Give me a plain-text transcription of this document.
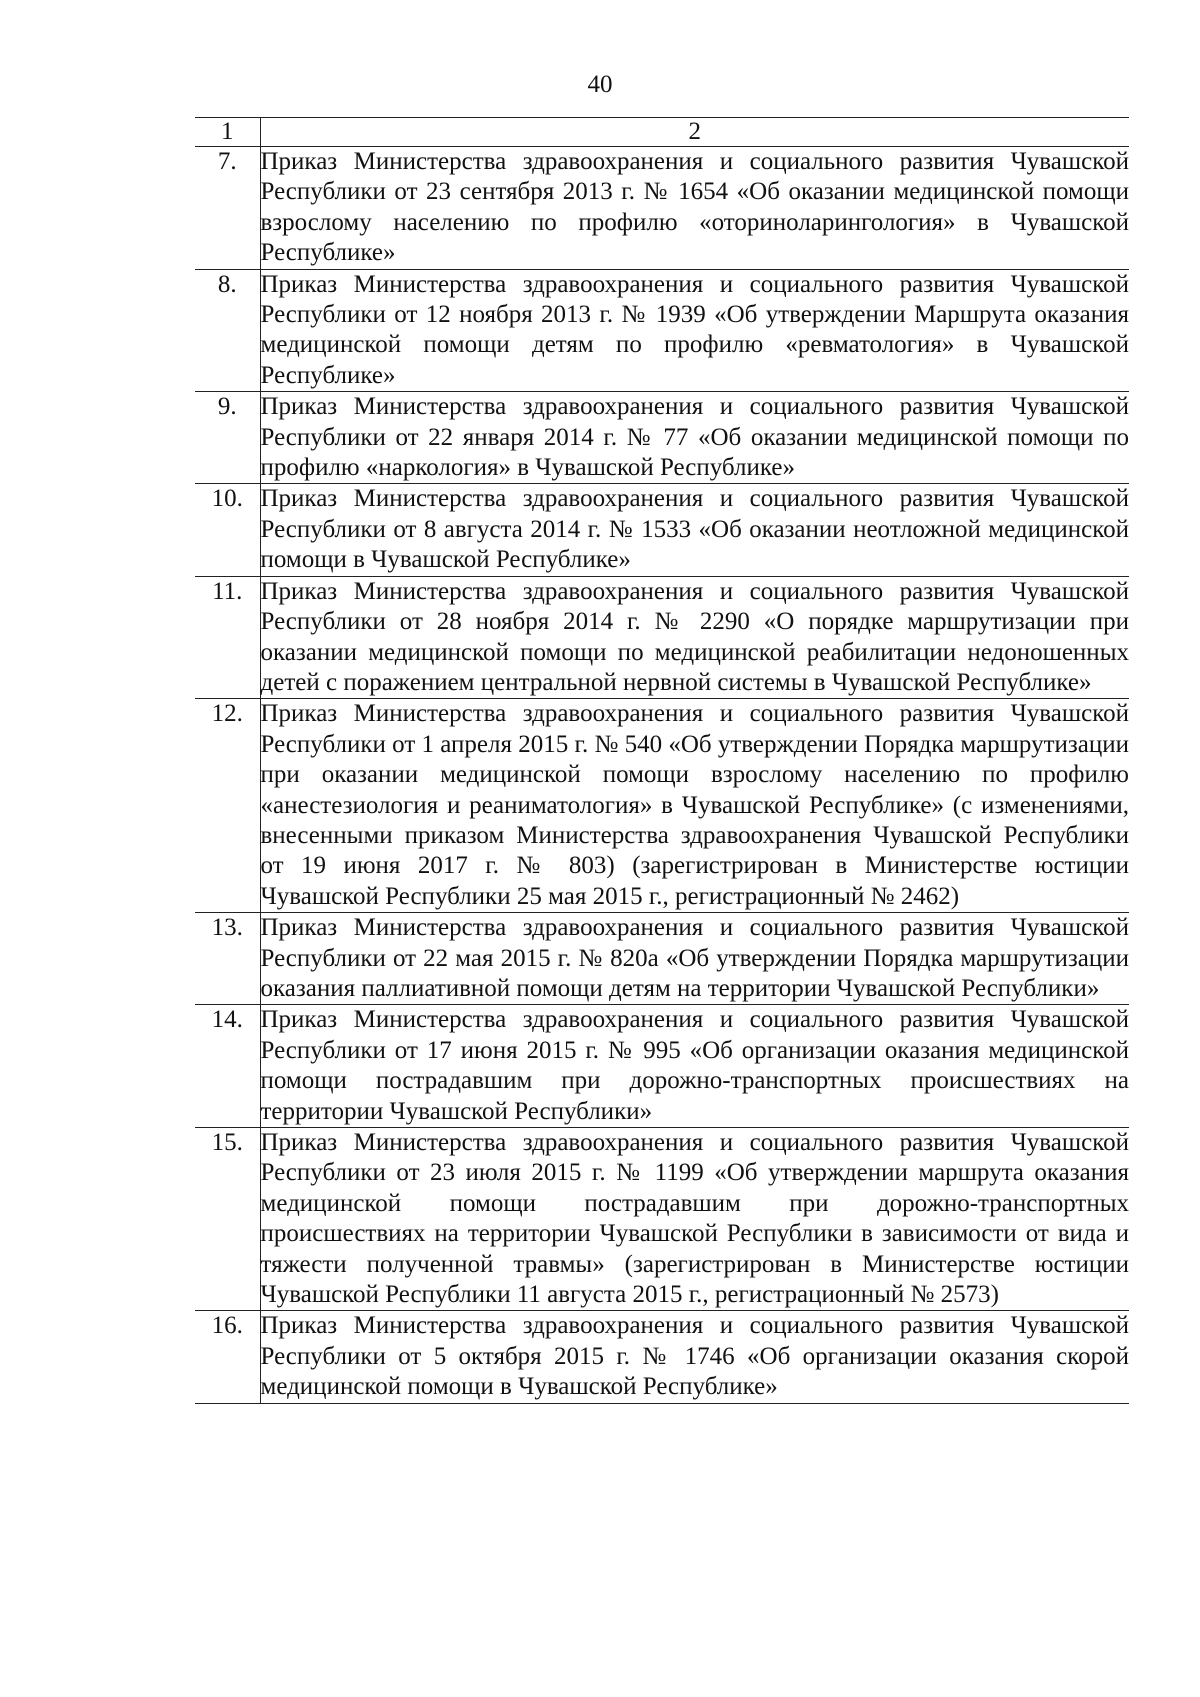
40
1	2
7.	Приказ Министерства здравоохранения и социального развития Чувашской Республики от 23 сентября 2013 г. № 1654 «Об оказании медицинской помощи взрослому населению по профилю «оториноларингология» в Чувашской Республике»
8.	Приказ Министерства здравоохранения и социального развития Чувашской Республики от 12 ноября 2013 г. № 1939 «Об утверждении Маршрута оказания медицинской помощи детям по профилю «ревматология» в Чувашской Республике»
9.	Приказ Министерства здравоохранения и социального развития Чувашской Республики от 22 января 2014 г. № 77 «Об оказании медицинской помощи по профилю «наркология» в Чувашской Республике»
10.	Приказ Министерства здравоохранения и социального развития Чувашской Республики от 8 августа 2014 г. № 1533 «Об оказании неотложной медицинской помощи в Чувашской Республике»
11.	Приказ Министерства здравоохранения и социального развития Чувашской Республики от 28 ноября 2014 г. № 2290 «О порядке маршрутизации при оказании медицинской помощи по медицинской реабилитации недоношенных детей с поражением центральной нервной системы в Чувашской Республике»
12.	Приказ Министерства здравоохранения и социального развития Чувашской Республики от 1 апреля 2015 г. № 540 «Об утверждении Порядка маршрутизации при оказании медицинской помощи взрослому населению по профилю «анестезиология и реаниматология» в Чувашской Республике» (с изменениями, внесенными приказом Министерства здравоохранения Чувашской Республики от 19 июня 2017 г. № 803) (зарегистрирован в Министерстве юстиции Чувашской Республики 25 мая 2015 г., регистрационный № 2462)
13.	Приказ Министерства здравоохранения и социального развития Чувашской Республики от 22 мая 2015 г. № 820а «Об утверждении Порядка маршрутизации оказания паллиативной помощи детям на территории Чувашской Республики»
14.	Приказ Министерства здравоохранения и социального развития Чувашской Республики от 17 июня 2015 г. № 995 «Об организации оказания медицинской помощи пострадавшим при дорожно-транспортных происшествиях на территории Чувашской Республики»
15.	Приказ Министерства здравоохранения и социального развития Чувашской Республики от 23 июля 2015 г. № 1199 «Об утверждении маршрута оказания медицинской помощи пострадавшим при дорожно-транспортных происшествиях на территории Чувашской Республики в зависимости от вида и тяжести полученной травмы» (зарегистрирован в Министерстве юстиции Чувашской Республики 11 августа 2015 г., регистрационный № 2573)
16.	Приказ Министерства здравоохранения и социального развития Чувашской Республики от 5 октября 2015 г. № 1746 «Об организации оказания скорой медицинской помощи в Чувашской Республике»
